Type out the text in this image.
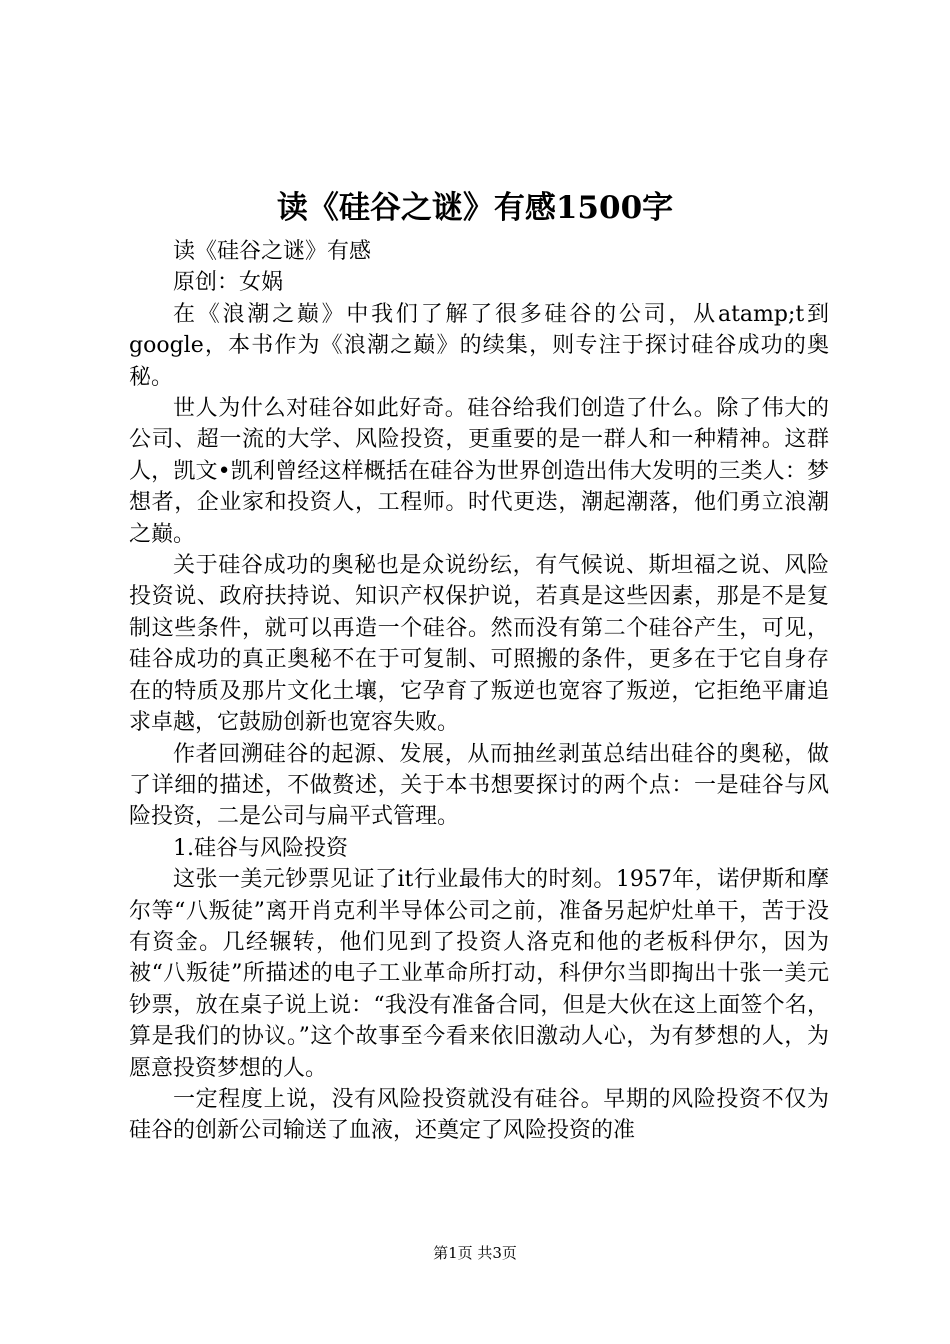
读《硅谷之谜》有感1500字

读《硅谷之谜》有感

原创：女娲

在《浪潮之巅》中我们了解了很多硅谷的公司，从atamp;t到google，本书作为《浪潮之巅》的续集，则专注于探讨硅谷成功的奥秘。

世人为什么对硅谷如此好奇。硅谷给我们创造了什么。除了伟大的公司、超一流的大学、风险投资，更重要的是一群人和一种精神。这群人，凯文•凯利曾经这样概括在硅谷为世界创造出伟大发明的三类人：梦想者，企业家和投资人，工程师。时代更迭，潮起潮落，他们勇立浪潮之巅。

关于硅谷成功的奥秘也是众说纷纭，有气候说、斯坦福之说、风险投资说、政府扶持说、知识产权保护说，若真是这些因素，那是不是复制这些条件，就可以再造一个硅谷。然而没有第二个硅谷产生，可见，硅谷成功的真正奥秘不在于可复制、可照搬的条件，更多在于它自身存在的特质及那片文化土壤，它孕育了叛逆也宽容了叛逆，它拒绝平庸追求卓越，它鼓励创新也宽容失败。

作者回溯硅谷的起源、发展，从而抽丝剥茧总结出硅谷的奥秘，做了详细的描述，不做赘述，关于本书想要探讨的两个点：一是硅谷与风险投资，二是公司与扁平式管理。

1.硅谷与风险投资

这张一美元钞票见证了it行业最伟大的时刻。1957年，诺伊斯和摩尔等“八叛徒”离开肖克利半导体公司之前，准备另起炉灶单干，苦于没有资金。几经辗转，他们见到了投资人洛克和他的老板科伊尔，因为被“八叛徒”所描述的电子工业革命所打动，科伊尔当即掏出十张一美元钞票，放在桌子说上说：“我没有准备合同，但是大伙在这上面签个名，算是我们的协议。”这个故事至今看来依旧激动人心，为有梦想的人，为愿意投资梦想的人。

一定程度上说，没有风险投资就没有硅谷。早期的风险投资不仅为硅谷的创新公司输送了血液，还奠定了风险投资的准

第1页 共3页
